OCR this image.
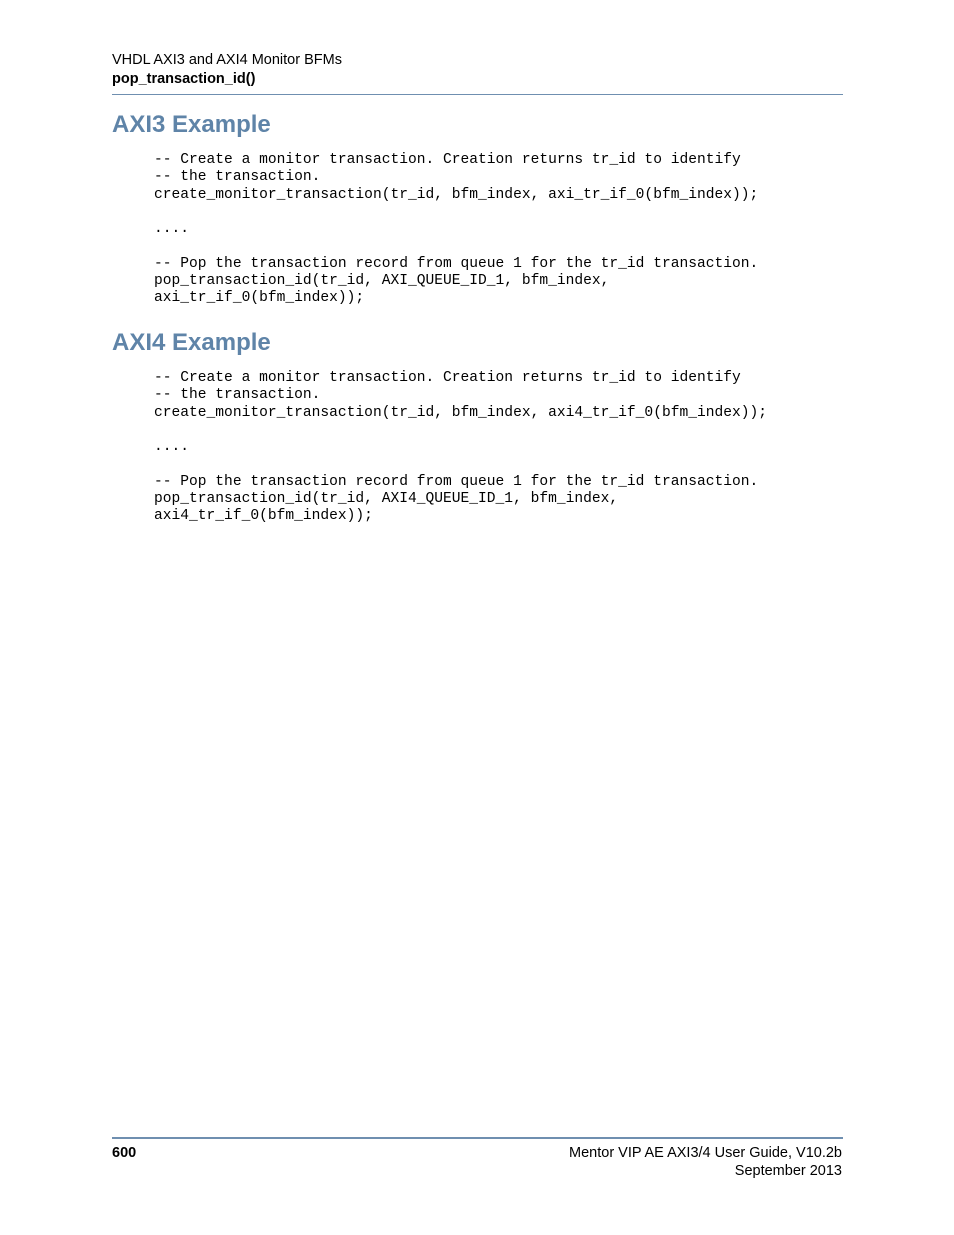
VHDL AXI3 and AXI4 Monitor BFMs
pop_transaction_id()
AXI3 Example
-- Create a monitor transaction. Creation returns tr_id to identify
-- the transaction.
create_monitor_transaction(tr_id, bfm_index, axi_tr_if_0(bfm_index));
....
-- Pop the transaction record from queue 1 for the tr_id transaction.
pop_transaction_id(tr_id, AXI_QUEUE_ID_1, bfm_index,
axi_tr_if_0(bfm_index));
AXI4 Example
-- Create a monitor transaction. Creation returns tr_id to identify
-- the transaction.
create_monitor_transaction(tr_id, bfm_index, axi4_tr_if_0(bfm_index));
....
-- Pop the transaction record from queue 1 for the tr_id transaction.
pop_transaction_id(tr_id, AXI4_QUEUE_ID_1, bfm_index,
axi4_tr_if_0(bfm_index));
600	Mentor VIP AE AXI3/4 User Guide, V10.2b
September 2013
